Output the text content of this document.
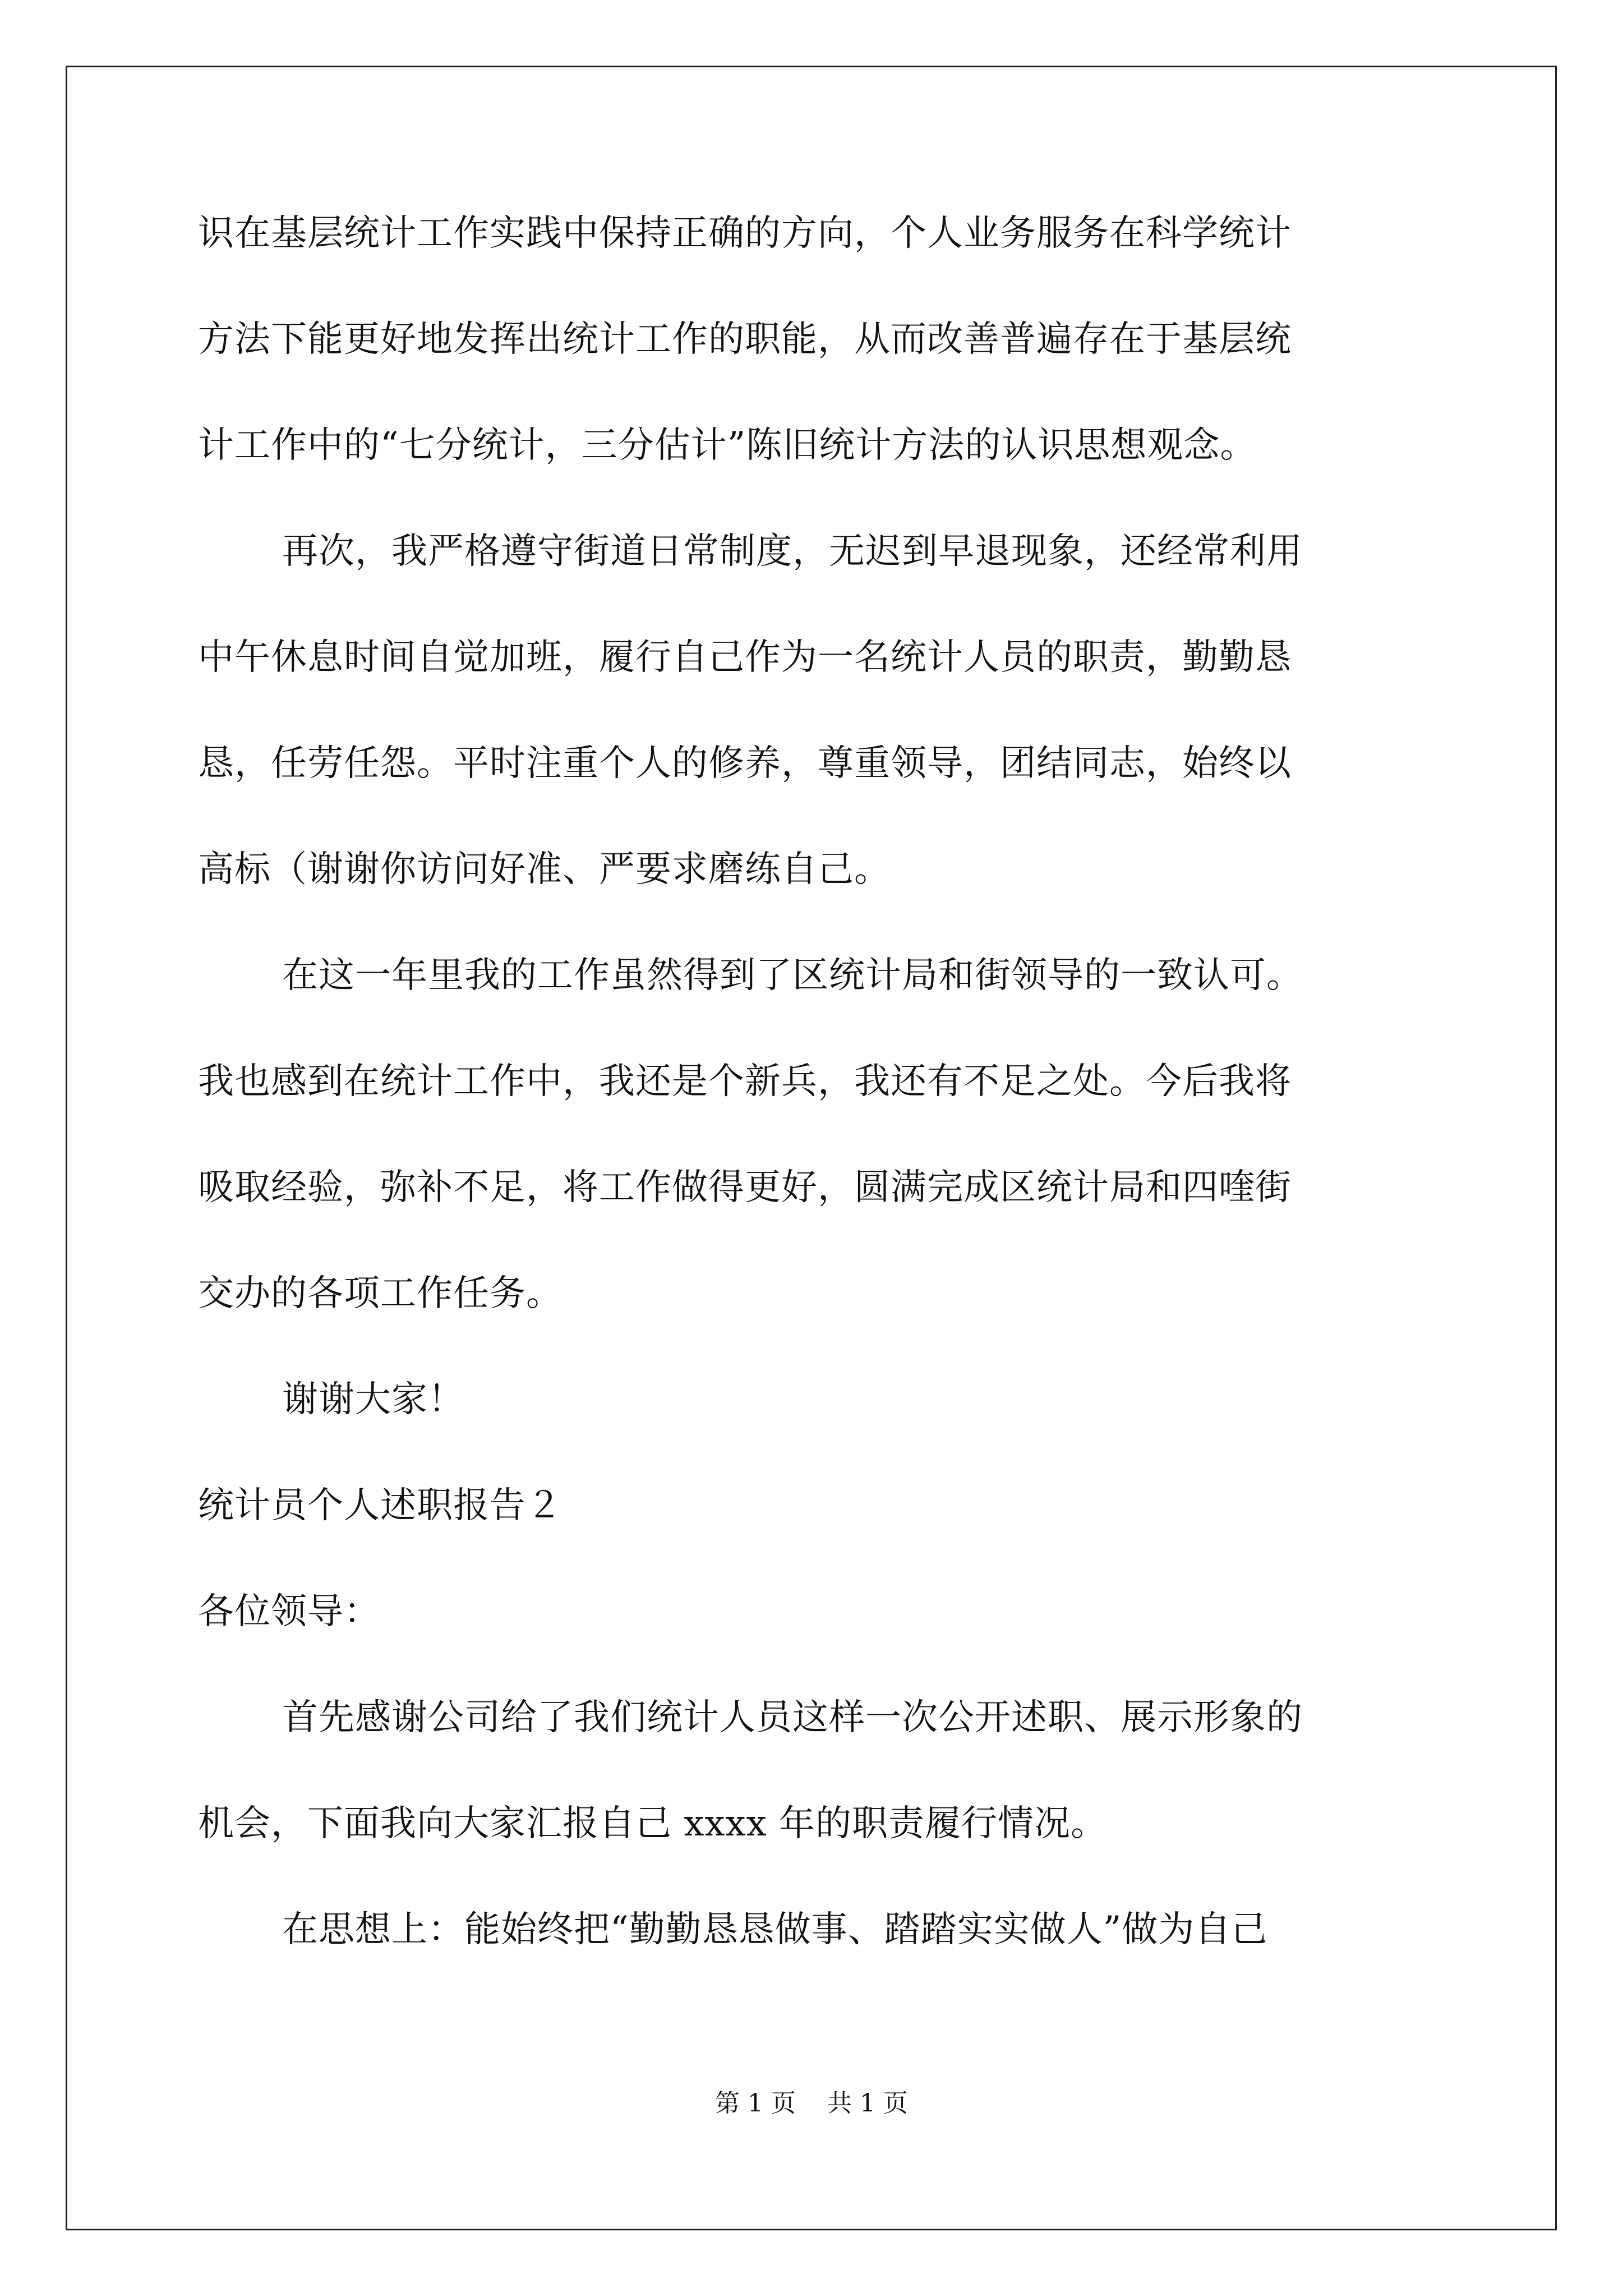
识在基层统计工作实践中保持正确的方向，个人业务服务在科学统计
方法下能更好地发挥出统计工作的职能，从而改善普遍存在于基层统
计工作中的“七分统计，三分估计”陈旧统计方法的认识思想观念。
再次，我严格遵守街道日常制度，无迟到早退现象，还经常利用
中午休息时间自觉加班，履行自己作为一名统计人员的职责，勤勤恳
恳，任劳任怨。平时注重个人的修养，尊重领导，团结同志，始终以
高标（谢谢你访问好准、严要求磨练自己。
在这一年里我的工作虽然得到了区统计局和街领导的一致认可。
我也感到在统计工作中，我还是个新兵，我还有不足之处。今后我将
吸取经验，弥补不足，将工作做得更好，圆满完成区统计局和四喹街
交办的各项工作任务。
谢谢大家！
统计员个人述职报告２
各位领导：
首先感谢公司给了我们统计人员这样一次公开述职、展示形象的
机会，下面我向大家汇报自己 xxxx 年的职责履行情况。
在思想上：能始终把“勤勤恳恳做事、踏踏实实做人”做为自己
第 1 页    共 1 页
